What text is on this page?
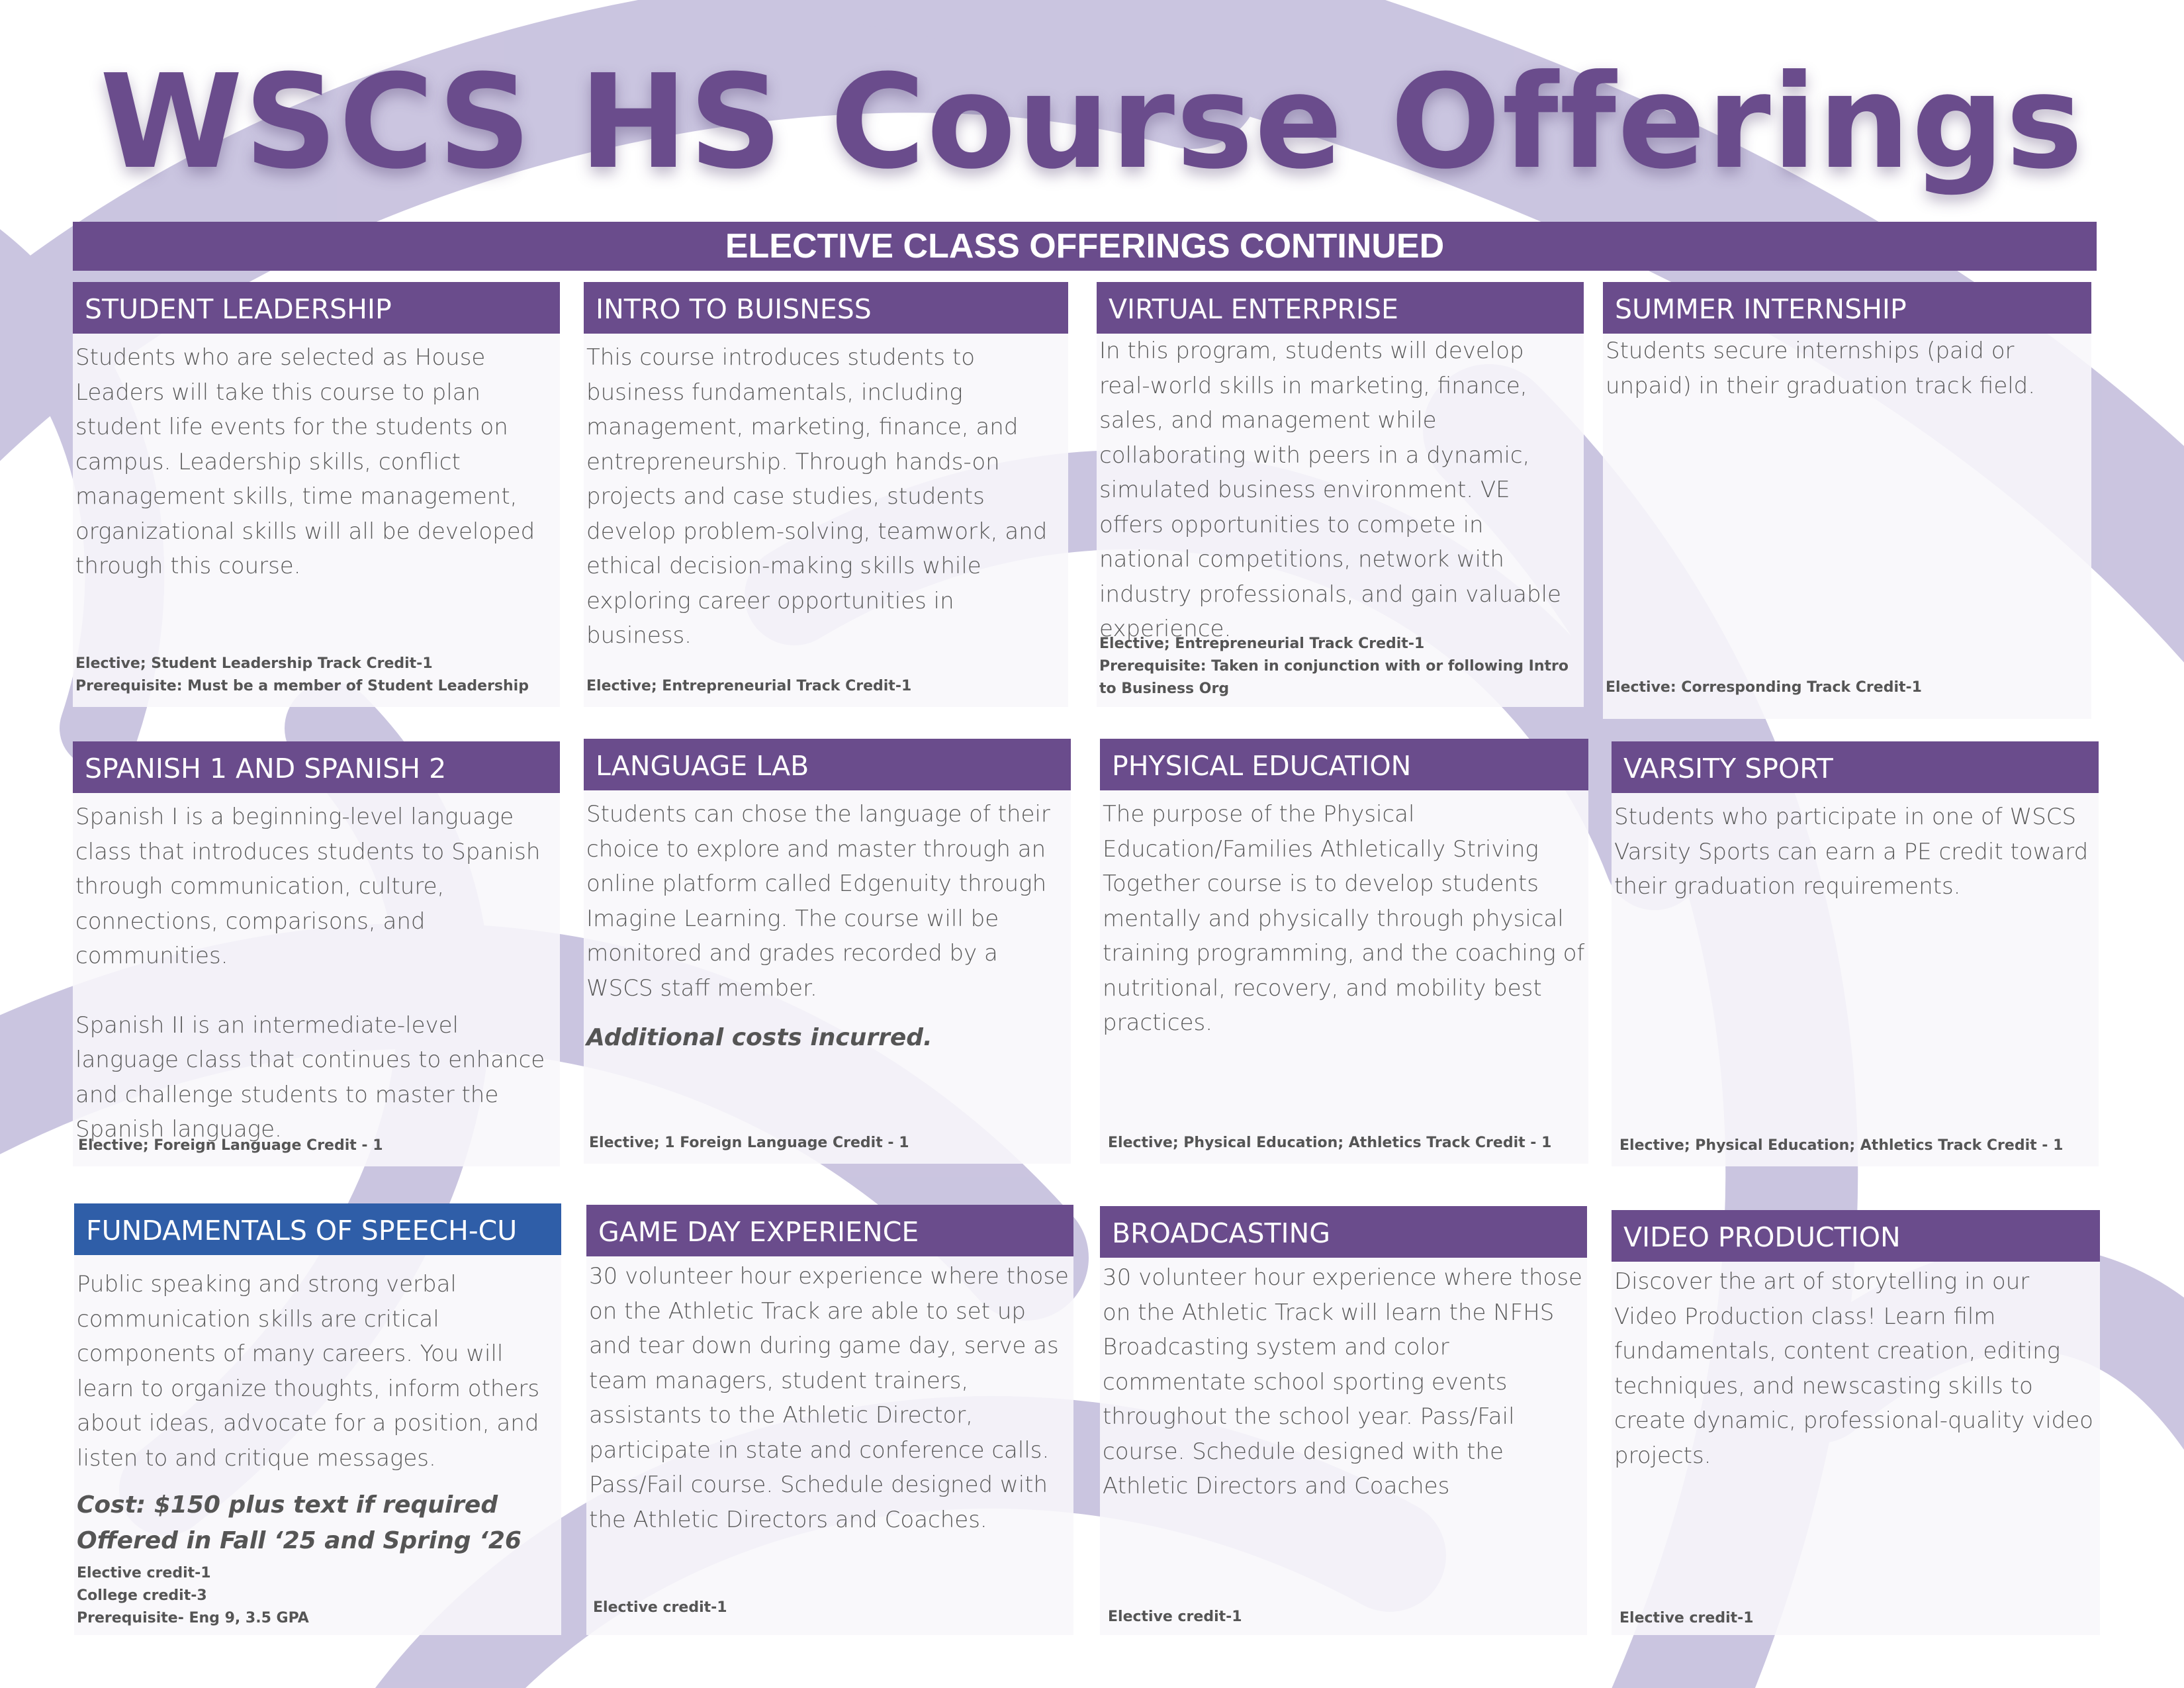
WSCS HS Course Offerings
ELECTIVE CLASS OFFERINGS CONTINUED
STUDENT LEADERSHIP

Students who are selected as House Leaders will take this course to plan student life events for the students on campus. Leadership skills, conflict management skills, time management, organizational skills will all be developed through this course.

Elective; Student Leadership Track Credit-1
Prerequisite: Must be a member of Student Leadership
INTRO TO BUISNESS

This course introduces students to business fundamentals, including management, marketing, finance, and entrepreneurship. Through hands-on projects and case studies, students develop problem-solving, teamwork, and ethical decision-making skills while exploring career opportunities in business.

Elective; Entrepreneurial Track Credit-1
VIRTUAL ENTERPRISE

In this program, students will develop real-world skills in marketing, finance, sales, and management while collaborating with peers in a dynamic, simulated business environment. VE offers opportunities to compete in national competitions, network with industry professionals, and gain valuable experience.

Elective; Entrepreneurial Track Credit-1
Prerequisite: Taken in conjunction with or following Intro to Business Org
SUMMER INTERNSHIP

Students secure internships (paid or unpaid) in their graduation track field.

Elective: Corresponding Track Credit-1
SPANISH 1 AND SPANISH 2

Spanish I is a beginning-level language class that introduces students to Spanish through communication, culture, connections, comparisons, and communities.

Spanish II is an intermediate-level language class that continues to enhance and challenge students to master the Spanish language.

Elective; Foreign Language Credit - 1
LANGUAGE LAB

Students can chose the language of their choice to explore and master through an online platform called Edgenuity through Imagine Learning. The course will be monitored and grades recorded by a WSCS staff member.

Additional costs incurred.
Elective; 1 Foreign Language Credit - 1
PHYSICAL EDUCATION

The purpose of the Physical Education/Families Athletically Striving Together course is to develop students mentally and physically through physical training programming, and the coaching of nutritional, recovery, and mobility best practices.

Elective; Physical Education; Athletics Track Credit - 1
VARSITY SPORT

Students who participate in one of WSCS Varsity Sports can earn a PE credit toward their graduation requirements.

Elective; Physical Education; Athletics Track Credit - 1
FUNDAMENTALS OF SPEECH-CU

Public speaking and strong verbal communication skills are critical components of many careers. You will learn to organize thoughts, inform others about ideas, advocate for a position, and listen to and critique messages.

Cost: $150 plus text if required
Offered in Fall ‘25 and Spring ‘26
Elective credit-1
College credit-3
Prerequisite- Eng 9, 3.5 GPA
GAME DAY EXPERIENCE

30 volunteer hour experience where those on the Athletic Track are able to set up and tear down during game day, serve as team managers, student trainers, assistants to the Athletic Director, participate in state and conference calls. Pass/Fail course. Schedule designed with the Athletic Directors and Coaches.

Elective credit-1
BROADCASTING

30 volunteer hour experience where those on the Athletic Track will learn the NFHS Broadcasting system and color commentate school sporting events throughout the school year. Pass/Fail course. Schedule designed with the Athletic Directors and Coaches

Elective credit-1
VIDEO PRODUCTION

Discover the art of storytelling in our Video Production class! Learn film fundamentals, content creation, editing techniques, and newscasting skills to create dynamic, professional-quality video projects.

Elective credit-1
